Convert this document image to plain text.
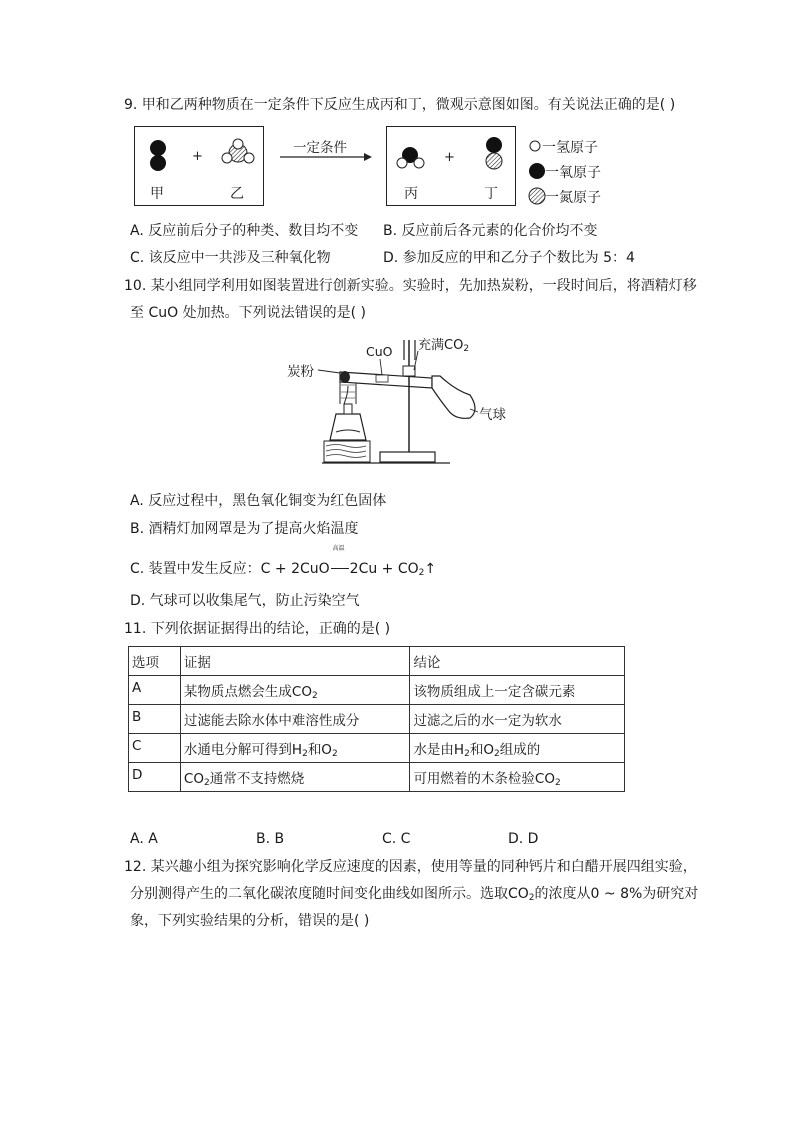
9. 甲和乙两种物质在一定条件下反应生成丙和丁，微观示意图如图。有关说法正确的是( )
+	+
甲	乙
一定条件
丙	丁
一氢原子
一氧原子
一氮原子
A. 反应前后分子的种类、数目均不变 B. 反应前后各元素的化合价均不变
C. 该反应中一共涉及三种氧化物	D. 参加反应的甲和乙分子个数比为 5：4
10. 某小组同学利用如图装置进行创新实验。实验时，先加热炭粉，一段时间后，将酒精灯移
至 CuO 处加热。下列说法错误的是( )
炭粉
CuO 充满$CO_2$
气球
A. 反应过程中，黑色氧化铜变为红色固体
B. 酒精灯加网罩是为了提高火焰温度
C. 装置中发生反应：C + 2CuO
高温
$2Cu + CO_2↑$
D. 气球可以收集尾气，防止污染空气
11. 下列依据证据得出的结论，正确的是( )
选项	证据	结论
A	某物质点燃会生成$CO_2$	该物质组成上一定含碳元素
B	过滤能去除水体中难溶性成分	过滤之后的水一定为软水
C	水通电分解可得到$H_2$和$O_2$	水是由$H_2$和$O_2$组成的
D	$CO_2$通常不支持燃烧	可用燃着的木条检验$CO_2$
A. A	B. B	C. C	D. D
12. 某兴趣小组为探究影响化学反应速度的因素，使用等量的同种钙片和白醋开展四组实验，
分别测得产生的二氧化碳浓度随时间变化曲线如图所示。选取$CO_2$的浓度从0 ~ 8%为研究对
象，下列实验结果的分析，错误的是( )
